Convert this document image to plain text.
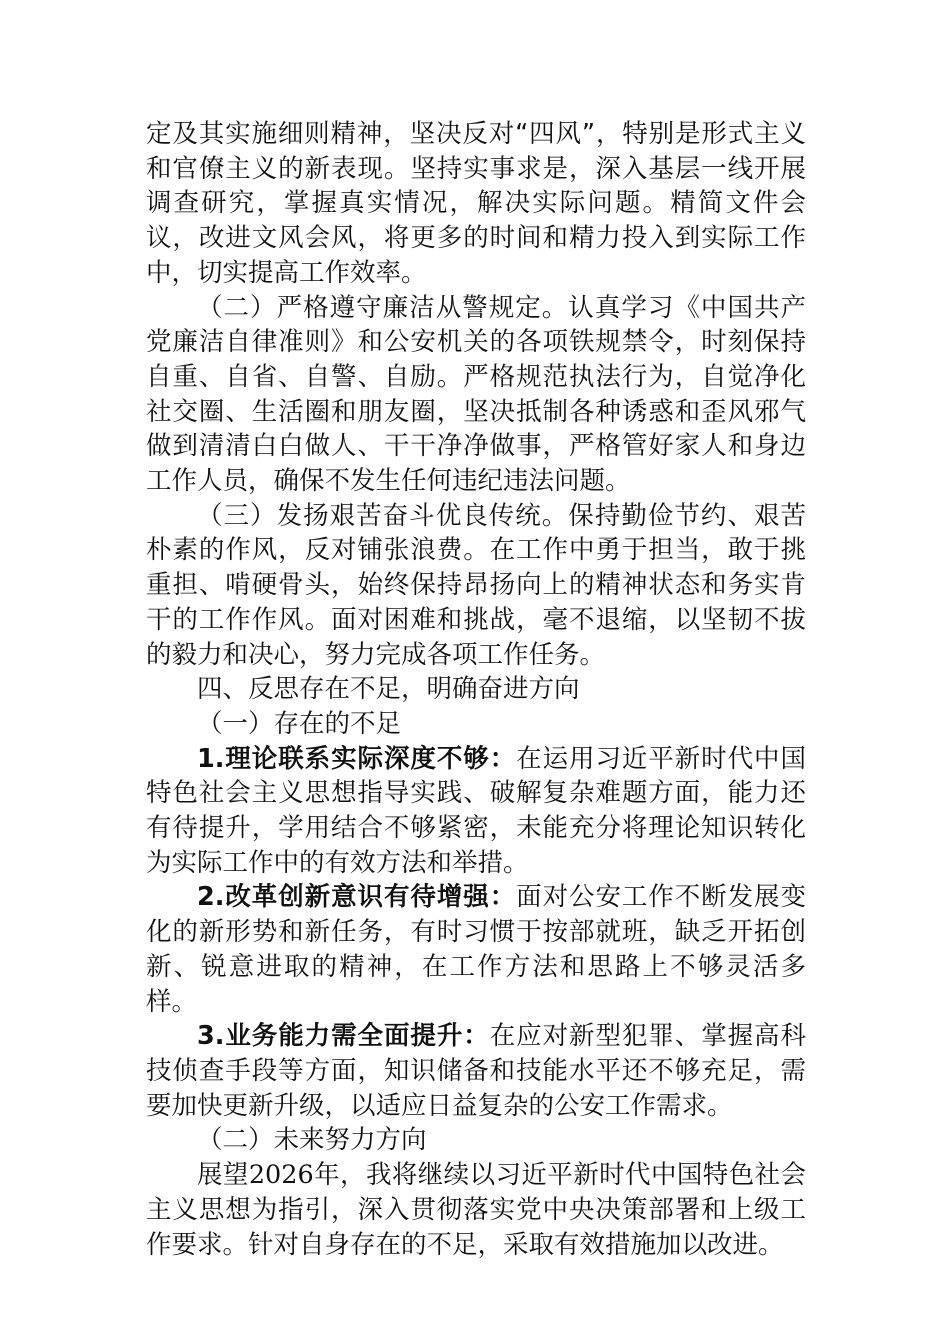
定及其实施细则精神，坚决反对“四风”，特别是形式主义和官僚主义的新表现。坚持实事求是，深入基层一线开展调查研究，掌握真实情况，解决实际问题。精简文件会议，改进文风会风，将更多的时间和精力投入到实际工作中，切实提高工作效率。

（二）严格遵守廉洁从警规定。认真学习《中国共产党廉洁自律准则》和公安机关的各项铁规禁令，时刻保持自重、自省、自警、自励。严格规范执法行为，自觉净化社交圈、生活圈和朋友圈，坚决抵制各种诱惑和歪风邪气做到清清白白做人、干干净净做事，严格管好家人和身边工作人员，确保不发生任何违纪违法问题。

（三）发扬艰苦奋斗优良传统。保持勤俭节约、艰苦朴素的作风，反对铺张浪费。在工作中勇于担当，敢于挑重担、啃硬骨头，始终保持昂扬向上的精神状态和务实肯干的工作作风。面对困难和挑战，毫不退缩，以坚韧不拔的毅力和决心，努力完成各项工作任务。

四、反思存在不足，明确奋进方向

（一）存在的不足

1.理论联系实际深度不够：在运用习近平新时代中国特色社会主义思想指导实践、破解复杂难题方面，能力还有待提升，学用结合不够紧密，未能充分将理论知识转化为实际工作中的有效方法和举措。

2.改革创新意识有待增强：面对公安工作不断发展变化的新形势和新任务，有时习惯于按部就班，缺乏开拓创新、锐意进取的精神，在工作方法和思路上不够灵活多样。

3.业务能力需全面提升：在应对新型犯罪、掌握高科技侦查手段等方面，知识储备和技能水平还不够充足，需要加快更新升级，以适应日益复杂的公安工作需求。

（二）未来努力方向

展望2026年，我将继续以习近平新时代中国特色社会主义思想为指引，深入贯彻落实党中央决策部署和上级工作要求。针对自身存在的不足，采取有效措施加以改进。
